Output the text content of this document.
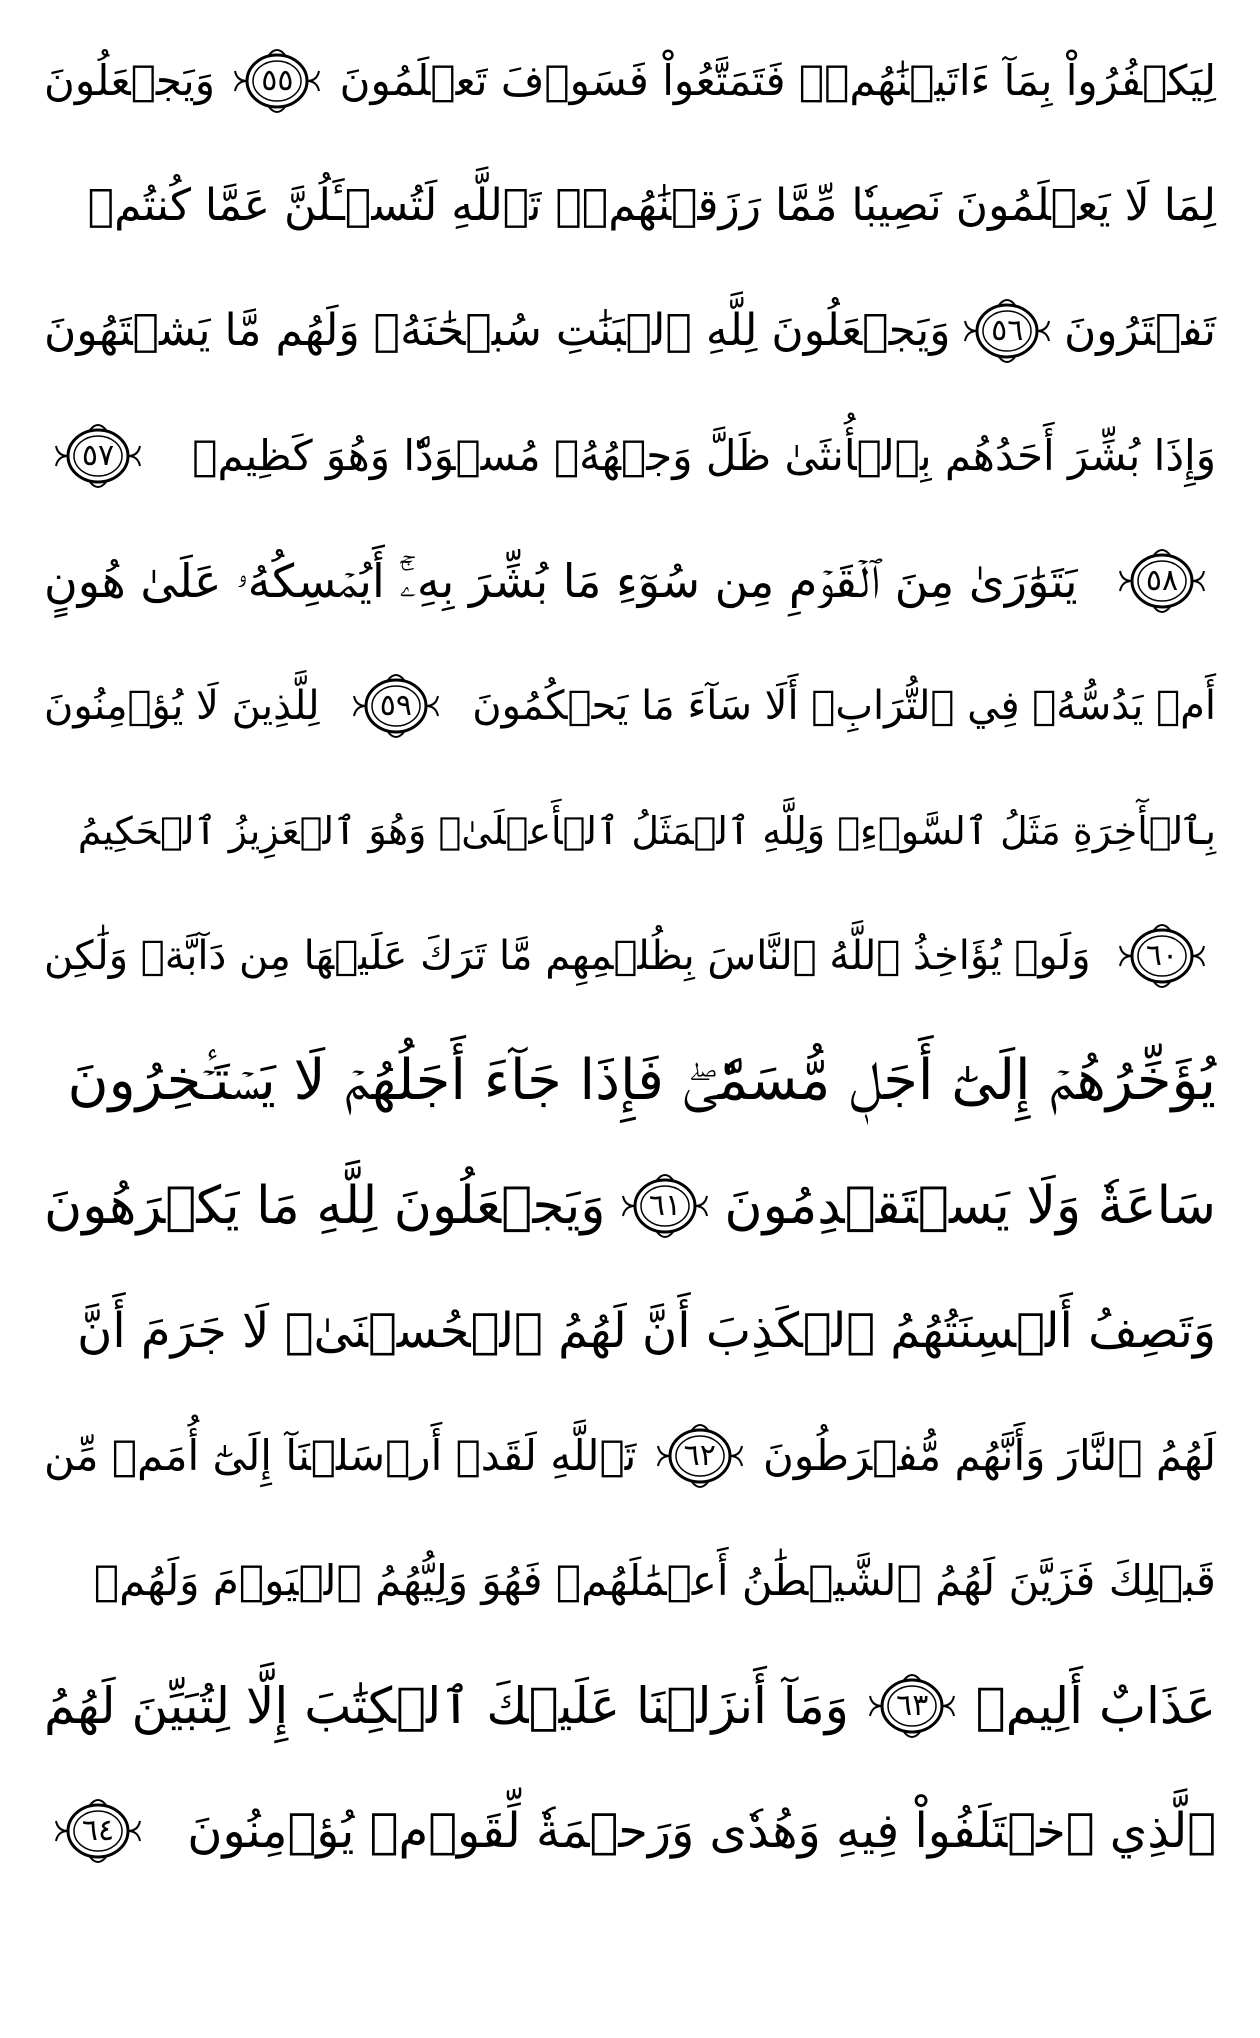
لِيَكۡفُرُواْ بِمَآ ءَاتَيۡنَٰهُمۡۚ فَتَمَتَّعُواْ فَسَوۡفَ تَعۡلَمُونَ
٥٥
وَيَجۡعَلُونَ
لِمَا لَا يَعۡلَمُونَ نَصِيبٗا مِّمَّا رَزَقۡنَٰهُمۡۗ تَٱللَّهِ لَتُسۡـَٔلُنَّ عَمَّا كُنتُمۡ
تَفۡتَرُونَ
٥٦
وَيَجۡعَلُونَ لِلَّهِ ٱلۡبَنَٰتِ سُبۡحَٰنَهُۥ وَلَهُم مَّا يَشۡتَهُونَ
وَإِذَا بُشِّرَ أَحَدُهُم بِٱلۡأُنثَىٰ ظَلَّ وَجۡهُهُۥ مُسۡوَدّٗا وَهُوَ كَظِيمٞ
٥٧
٥٨
يَتَوَٰرَىٰ مِنَ ٱلۡقَوۡمِ مِن سُوٓءِ مَا بُشِّرَ بِهِۦٓۚ أَيُمۡسِكُهُۥ عَلَىٰ هُونٍ
أَمۡ يَدُسُّهُۥ فِي ٱلتُّرَابِۗ أَلَا سَآءَ مَا يَحۡكُمُونَ
٥٩
لِلَّذِينَ لَا يُؤۡمِنُونَ
بِٱلۡأٓخِرَةِ مَثَلُ ٱلسَّوۡءِۖ وَلِلَّهِ ٱلۡمَثَلُ ٱلۡأَعۡلَىٰۚ وَهُوَ ٱلۡعَزِيزُ ٱلۡحَكِيمُ
٦٠
وَلَوۡ يُؤَاخِذُ ٱللَّهُ ٱلنَّاسَ بِظُلۡمِهِم مَّا تَرَكَ عَلَيۡهَا مِن دَآبَّةٖ وَلَٰكِن
يُؤَخِّرُهُمۡ إِلَىٰٓ أَجَلٖ مُّسَمّٗىۖ فَإِذَا جَآءَ أَجَلُهُمۡ لَا يَسۡتَـٔۡخِرُونَ
سَاعَةٗ وَلَا يَسۡتَقۡدِمُونَ
٦١
وَيَجۡعَلُونَ لِلَّهِ مَا يَكۡرَهُونَ
وَتَصِفُ أَلۡسِنَتُهُمُ ٱلۡكَذِبَ أَنَّ لَهُمُ ٱلۡحُسۡنَىٰۖ لَا جَرَمَ أَنَّ
لَهُمُ ٱلنَّارَ وَأَنَّهُم مُّفۡرَطُونَ
٦٢
تَٱللَّهِ لَقَدۡ أَرۡسَلۡنَآ إِلَىٰٓ أُمَمٖ مِّن
قَبۡلِكَ فَزَيَّنَ لَهُمُ ٱلشَّيۡطَٰنُ أَعۡمَٰلَهُمۡ فَهُوَ وَلِيُّهُمُ ٱلۡيَوۡمَ وَلَهُمۡ
عَذَابٌ أَلِيمٞ
٦٣
وَمَآ أَنزَلۡنَا عَلَيۡكَ ٱلۡكِتَٰبَ إِلَّا لِتُبَيِّنَ لَهُمُ
ٱلَّذِي ٱخۡتَلَفُواْ فِيهِ وَهُدٗى وَرَحۡمَةٗ لِّقَوۡمٖ يُؤۡمِنُونَ
٦٤
